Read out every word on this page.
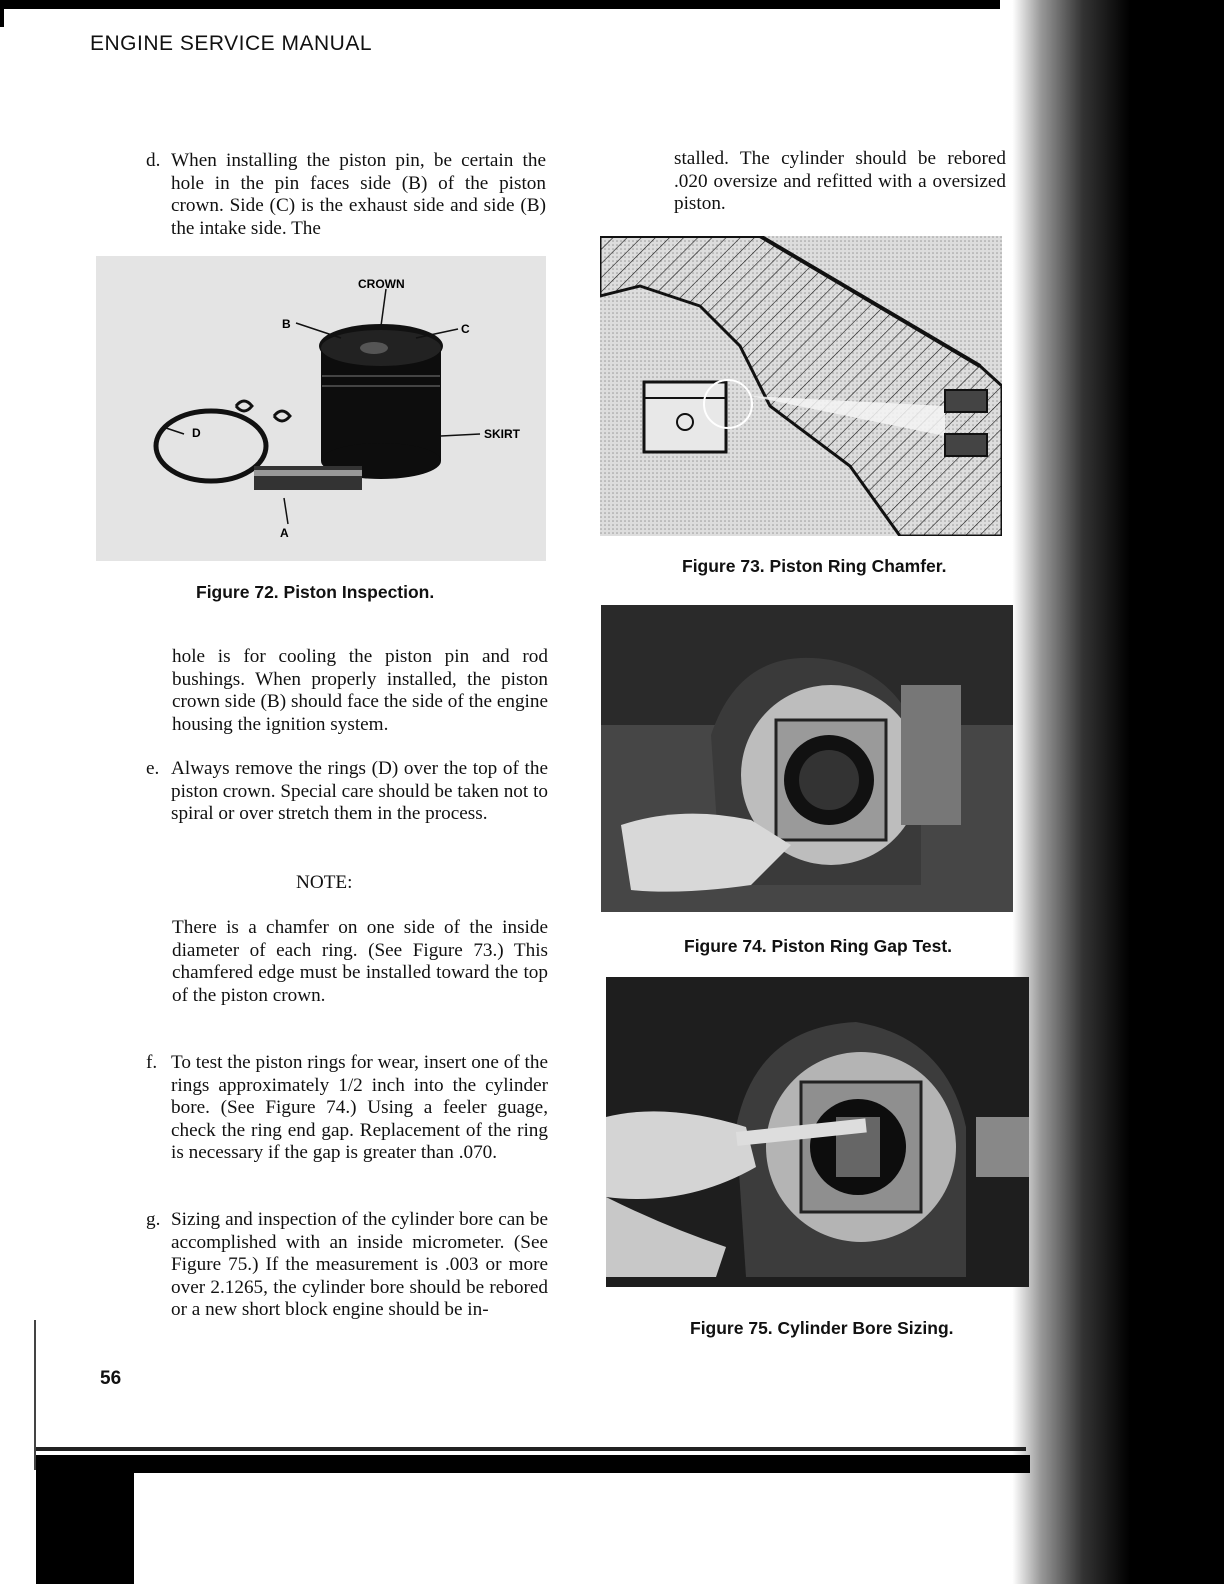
ENGINE SERVICE MANUAL
d. When installing the piston pin, be certain the hole in the pin faces side (B) of the piston crown. Side (C) is the exhaust side and side (B) the intake side. The
CROWN
B	C
D	SKIRT
A
Figure 72. Piston Inspection.
hole is for cooling the piston pin and rod bushings. When properly installed, the piston crown side (B) should face the side of the engine housing the ignition system.
e. Always remove the rings (D) over the top of the piston crown. Special care should be taken not to spiral or over stretch them in the process.
NOTE:
There is a chamfer on one side of the inside diameter of each ring. (See Figure 73.) This chamfered edge must be installed toward the top of the piston crown.
f. To test the piston rings for wear, insert one of the rings approximately 1/2 inch into the cylinder bore. (See Figure 74.) Using a feeler guage, check the ring end gap. Replacement of the ring is necessary if the gap is greater than .070.
g. Sizing and inspection of the cylinder bore can be accomplished with an inside micrometer. (See Figure 75.) If the measurement is .003 or more over 2.1265, the cylinder bore should be rebored or a new short block engine should be in-
stalled. The cylinder should be rebored .020 oversize and refitted with a oversized piston.
Figure 73. Piston Ring Chamfer.
Figure 74. Piston Ring Gap Test.
Figure 75. Cylinder Bore Sizing.
56
